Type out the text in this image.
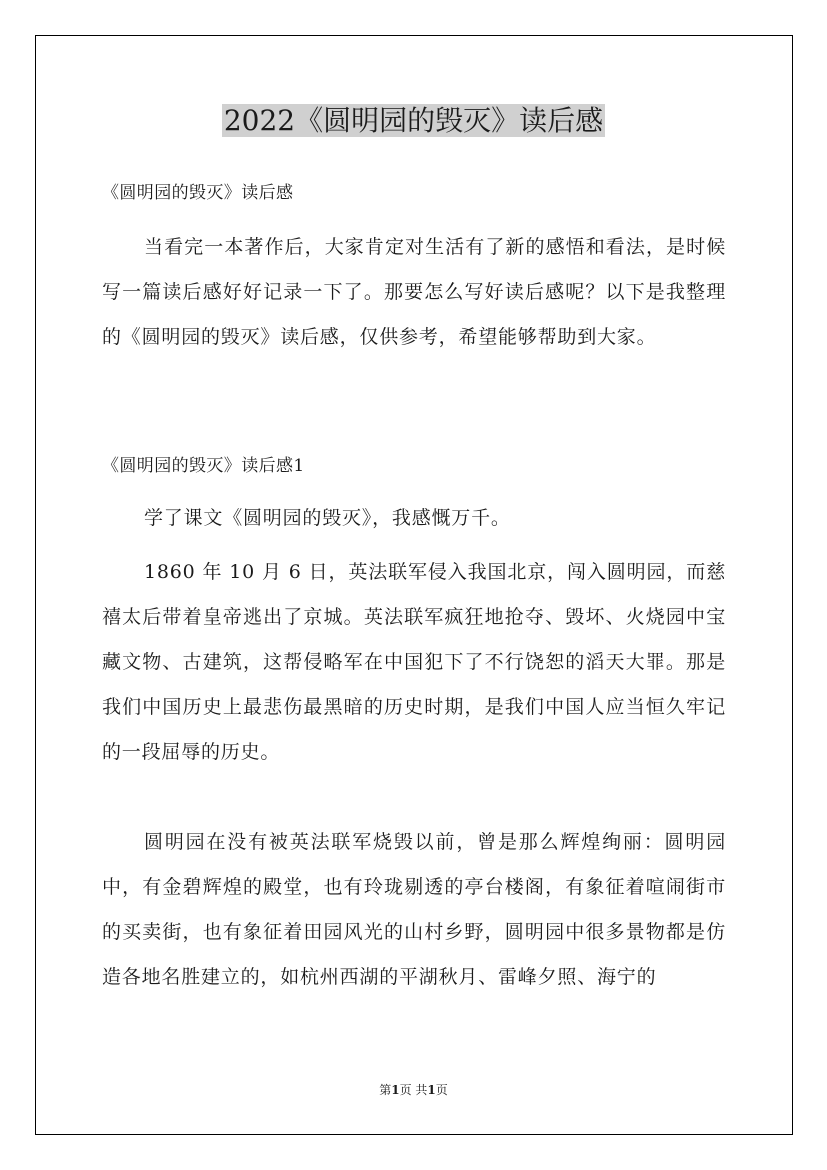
2022《圆明园的毁灭》读后感
《圆明园的毁灭》读后感
当看完一本著作后，大家肯定对生活有了新的感悟和看法，是时候写一篇读后感好好记录一下了。那要怎么写好读后感呢？以下是我整理的《圆明园的毁灭》读后感，仅供参考，希望能够帮助到大家。
《圆明园的毁灭》读后感1
学了课文《圆明园的毁灭》，我感慨万千。
1860 年 10 月 6 日，英法联军侵入我国北京，闯入圆明园，而慈禧太后带着皇帝逃出了京城。英法联军疯狂地抢夺、毁坏、火烧园中宝藏文物、古建筑，这帮侵略军在中国犯下了不行饶恕的滔天大罪。那是我们中国历史上最悲伤最黑暗的历史时期，是我们中国人应当恒久牢记的一段屈辱的历史。
圆明园在没有被英法联军烧毁以前，曾是那么辉煌绚丽：圆明园中，有金碧辉煌的殿堂，也有玲珑剔透的亭台楼阁，有象征着喧闹街市的买卖街，也有象征着田园风光的山村乡野，圆明园中很多景物都是仿造各地名胜建立的，如杭州西湖的平湖秋月、雷峰夕照、海宁的
第1页 共1页
